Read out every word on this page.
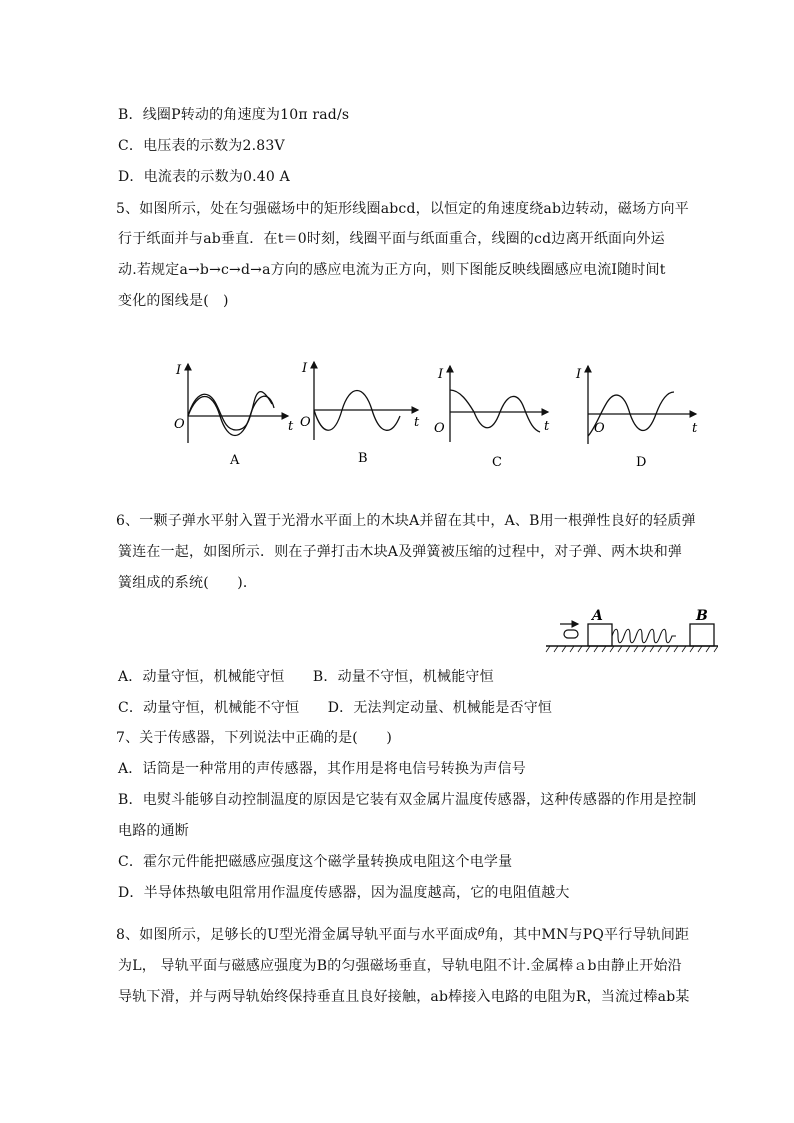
B．线圈P转动的角速度为10π rad/s
C．电压表的示数为2.83V
D．电流表的示数为0.40 A
5、如图所示，处在匀强磁场中的矩形线圈abcd，以恒定的角速度绕ab边转动，磁场方向平
行于纸面并与ab垂直．在t＝0时刻，线圈平面与纸面重合，线圈的cd边离开纸面向外运
动.若规定a→b→c→d→a方向的感应电流为正方向，则下图能反映线圈感应电流I随时间t
变化的图线是(　)
I
t
O
A
I
t
O
B
I
t
O
C
I
t
O
D
6、一颗子弹水平射入置于光滑水平面上的木块A并留在其中，A、B用一根弹性良好的轻质弹
簧连在一起，如图所示．则在子弹打击木块A及弹簧被压缩的过程中，对子弹、两木块和弹
簧组成的系统(　　)．
A	B
A．动量守恒，机械能守恒　　B．动量不守恒，机械能守恒
C．动量守恒，机械能不守恒　　D．无法判定动量、机械能是否守恒
7、关于传感器，下列说法中正确的是(　　)
A．话筒是一种常用的声传感器，其作用是将电信号转换为声信号
B．电熨斗能够自动控制温度的原因是它装有双金属片温度传感器，这种传感器的作用是控制
电路的通断
C．霍尔元件能把磁感应强度这个磁学量转换成电阻这个电学量
D．半导体热敏电阻常用作温度传感器，因为温度越高，它的电阻值越大
8、如图所示，足够长的U型光滑金属导轨平面与水平面成$^\theta$角，其中MN与PQ平行导轨间距
为L， 导轨平面与磁感应强度为B的匀强磁场垂直，导轨电阻不计.金属棒ａb由静止开始沿
导轨下滑，并与两导轨始终保持垂直且良好接触，ab棒接入电路的电阻为R，当流过棒ab某
